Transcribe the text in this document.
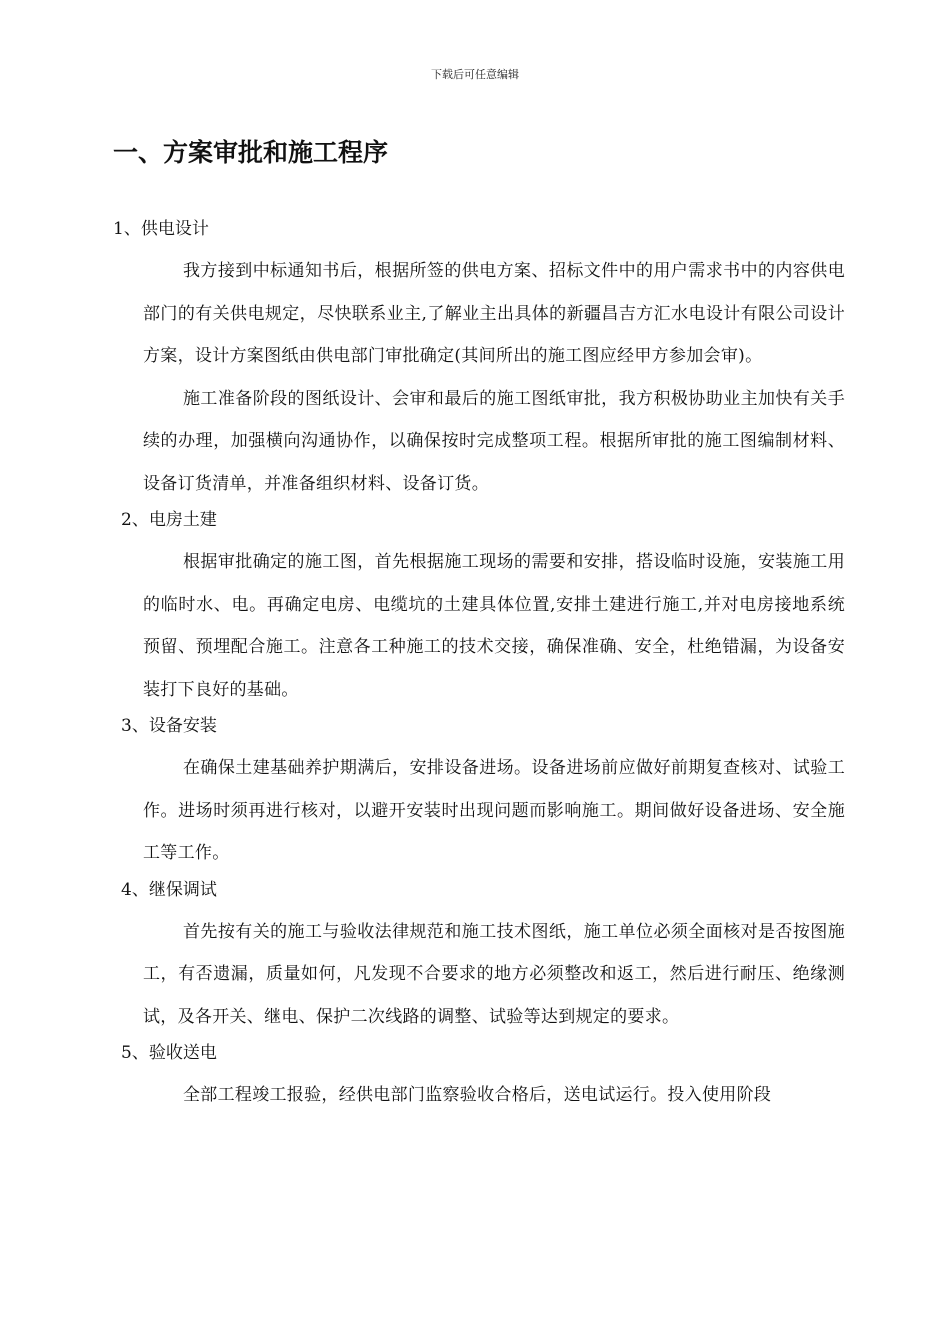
下载后可任意编辑
一、方案审批和施工程序
1、供电设计

我方接到中标通知书后，根据所签的供电方案、招标文件中的用户需求书中的内容供电部门的有关供电规定，尽快联系业主,了解业主出具体的新疆昌吉方汇水电设计有限公司设计方案，设计方案图纸由供电部门审批确定(其间所出的施工图应经甲方参加会审)。

施工准备阶段的图纸设计、会审和最后的施工图纸审批，我方积极协助业主加快有关手续的办理，加强横向沟通协作，以确保按时完成整项工程。根据所审批的施工图编制材料、设备订货清单，并准备组织材料、设备订货。

2、电房土建

根据审批确定的施工图，首先根据施工现场的需要和安排，搭设临时设施，安装施工用的临时水、电。再确定电房、电缆坑的土建具体位置,安排土建进行施工,并对电房接地系统预留、预埋配合施工。注意各工种施工的技术交接，确保准确、安全，杜绝错漏，为设备安装打下良好的基础。

3、设备安装

在确保土建基础养护期满后，安排设备进场。设备进场前应做好前期复查核对、试验工作。进场时须再进行核对，以避开安装时出现问题而影响施工。期间做好设备进场、安全施工等工作。

4、继保调试

首先按有关的施工与验收法律规范和施工技术图纸，施工单位必须全面核对是否按图施工，有否遗漏，质量如何，凡发现不合要求的地方必须整改和返工，然后进行耐压、绝缘测试，及各开关、继电、保护二次线路的调整、试验等达到规定的要求。

5、验收送电

全部工程竣工报验，经供电部门监察验收合格后，送电试运行。投入使用阶段
